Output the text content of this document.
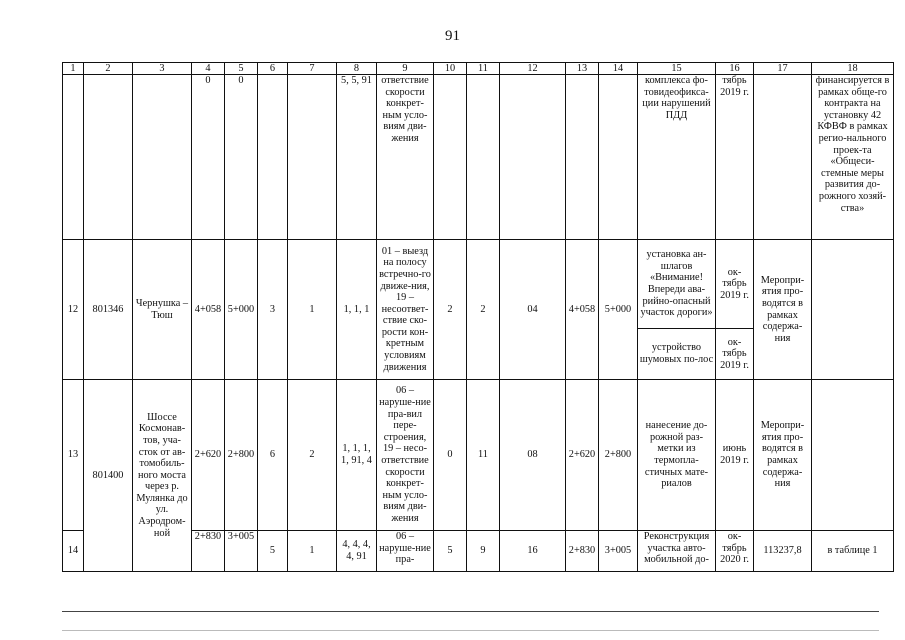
91
1	2	3	4	5	6	7	8	9	10	11	12	13	14	15	16	17	18
			0	0			5, 5, 91	ответствие скорости конкрет-ным усло-виям дви-жения						комплекса фо-товидеофикса-ции нарушений ПДД	тябрь 2019 г.		финансируется в рамках обще-го контракта на установку 42 КФВФ в рамках регио-нального проек-та «Общеси-стемные меры развития до-рожного хозяй-ства»
12	801346	Чернушка – Тюш	4+058	5+000	3	1	1, 1, 1	01 – выезд на полосу встречно-го движе-ния, 19 – несоответ-ствие ско-рости кон-кретным условиям движения	2	2	04	4+058	5+000	установка ан-шлагов «Внимание! Впереди ава-рийно-опасный участок дороги»	ок-тябрь 2019 г.	Меропри-ятия про-водятся в рамках содержа-ния	
														устройство шумовых по-лос	ок-тябрь 2019 г.		
13	801400	Шоссе Космонав-тов, уча-сток от ав-томобиль-ного моста через р. Мулянка до ул. Аэродром-ной	2+620	2+800	6	2	1, 1, 1, 1, 91, 4	06 – наруше-ние пра-вил пере-строения, 19 – несо-ответствие скорости конкрет-ным усло-виям дви-жения	0	11	08	2+620	2+800	нанесение до-рожной раз-метки из термопла-стичных мате-риалов	июнь 2019 г.	Меропри-ятия про-водятся в рамках содержа-ния	
14			2+830	3+005	5	1	4, 4, 4, 4, 91	06 – наруше-ние пра-	5	9	16	2+830	3+005	Реконструкция участка авто-мобильной до-	ок-тябрь 2020 г.	113237,8	в таблице 1
